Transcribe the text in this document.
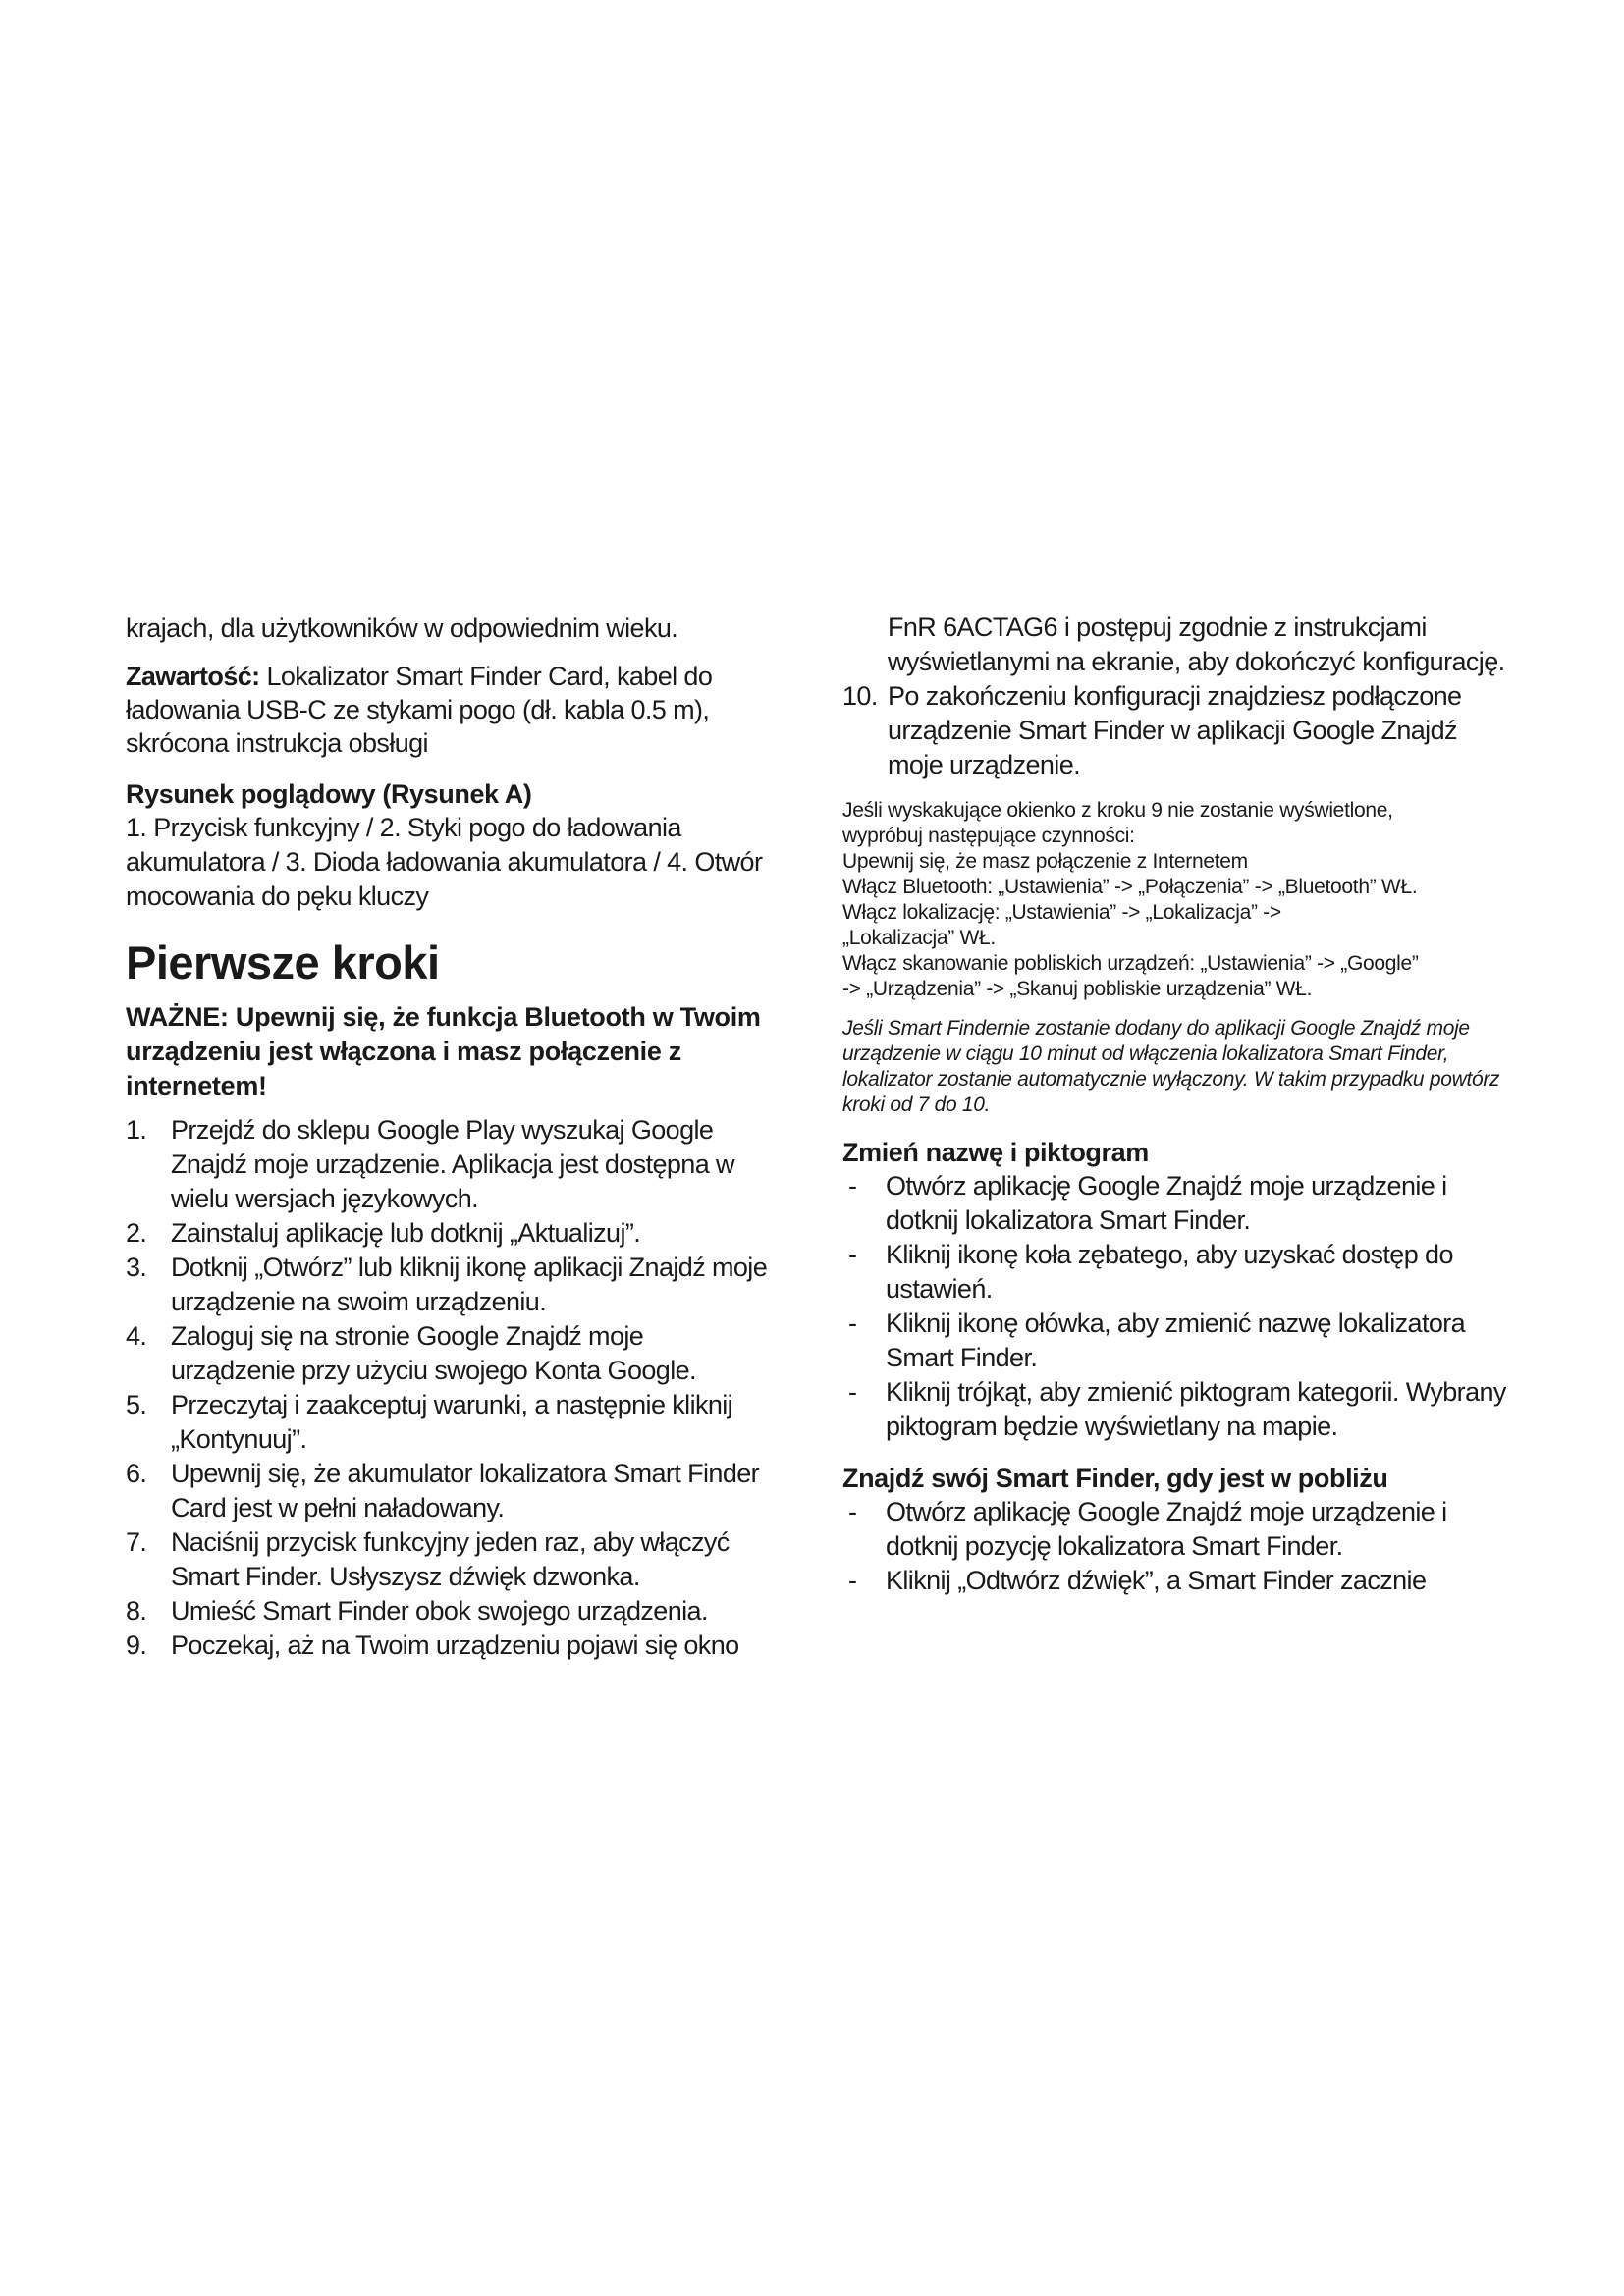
krajach, dla użytkowników w odpowiednim wieku.

Zawartość: Lokalizator Smart Finder Card, kabel do ładowania USB-C ze stykami pogo (dł. kabla 0.5 m), skrócona instrukcja obsługi

Rysunek poglądowy (Rysunek A)

1. Przycisk funkcyjny / 2. Styki pogo do ładowania akumulatora / 3. Dioda ładowania akumulatora / 4. Otwór mocowania do pęku kluczy

Pierwsze kroki

WAŻNE: Upewnij się, że funkcja Bluetooth w Twoim urządzeniu jest włączona i masz połączenie z internetem!

1. Przejdź do sklepu Google Play wyszukaj Google Znajdź moje urządzenie. Aplikacja jest dostępna w wielu wersjach językowych.
2. Zainstaluj aplikację lub dotknij „Aktualizuj”.
3. Dotknij „Otwórz” lub kliknij ikonę aplikacji Znajdź moje urządzenie na swoim urządzeniu.
4. Zaloguj się na stronie Google Znajdź moje urządzenie przy użyciu swojego Konta Google.
5. Przeczytaj i zaakceptuj warunki, a następnie kliknij „Kontynuuj”.
6. Upewnij się, że akumulator lokalizatora Smart Finder Card jest w pełni naładowany.
7. Naciśnij przycisk funkcyjny jeden raz, aby włączyć Smart Finder. Usłyszysz dźwięk dzwonka.
8. Umieść Smart Finder obok swojego urządzenia.
9. Poczekaj, aż na Twoim urządzeniu pojawi się okno
FnR 6ACTAG6 i postępuj zgodnie z instrukcjami wyświetlanymi na ekranie, aby dokończyć konfigurację.
10. Po zakończeniu konfiguracji znajdziesz podłączone urządzenie Smart Finder w aplikacji Google Znajdź moje urządzenie.
Jeśli wyskakujące okienko z kroku 9 nie zostanie wyświetlone,
wypróbuj następujące czynności:
Upewnij się, że masz połączenie z Internetem
Włącz Bluetooth: „Ustawienia” -> „Połączenia” -> „Bluetooth” WŁ.
Włącz lokalizację: „Ustawienia” -> „Lokalizacja” ->
„Lokalizacja” WŁ.
Włącz skanowanie pobliskich urządzeń: „Ustawienia” -> „Google”
-> „Urządzenia” -> „Skanuj pobliskie urządzenia” WŁ.

Jeśli Smart Findernie zostanie dodany do aplikacji Google Znajdź moje urządzenie w ciągu 10 minut od włączenia lokalizatora Smart Finder, lokalizator zostanie automatycznie wyłączony. W takim przypadku powtórz kroki od 7 do 10.

Zmień nazwę i piktogram

- Otwórz aplikację Google Znajdź moje urządzenie i dotknij lokalizatora Smart Finder.
- Kliknij ikonę koła zębatego, aby uzyskać dostęp do ustawień.
- Kliknij ikonę ołówka, aby zmienić nazwę lokalizatora Smart Finder.
- Kliknij trójkąt, aby zmienić piktogram kategorii. Wybrany piktogram będzie wyświetlany na mapie.

Znajdź swój Smart Finder, gdy jest w pobliżu

- Otwórz aplikację Google Znajdź moje urządzenie i dotknij pozycję lokalizatora Smart Finder.
- Kliknij „Odtwórz dźwięk”, a Smart Finder zacznie
